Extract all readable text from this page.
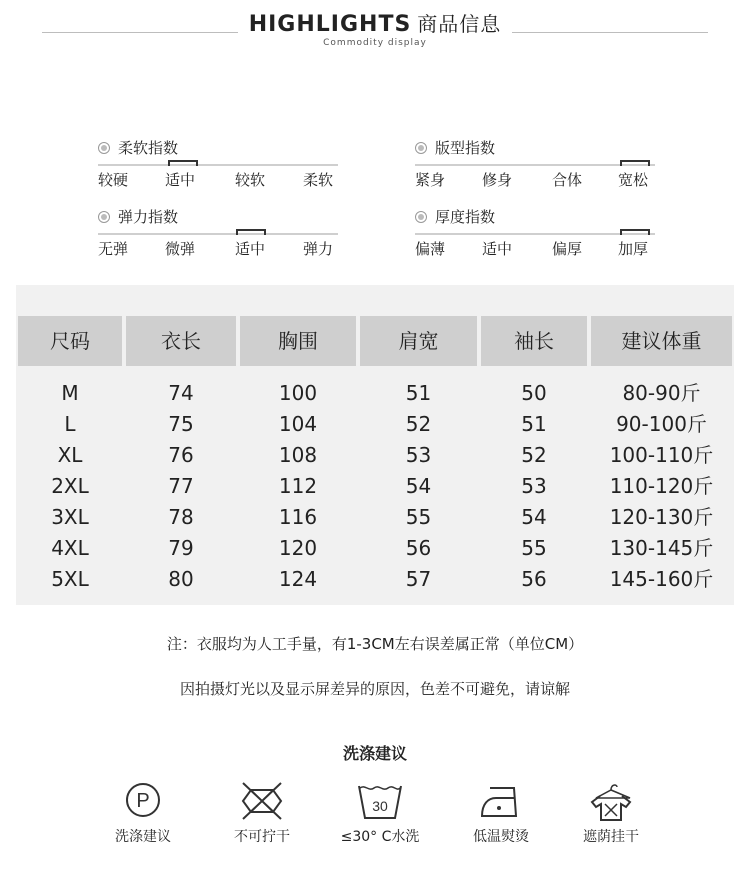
HIGHLIGHTS 商品信息
Commodity display
柔软指数
较硬 适中	较软	柔软
版型指数
紧身 修身	合体 宽松
弹力指数
无弹 微弹	适中	弹力
厚度指数
偏薄 适中	偏厚 加厚
尺码	衣长	胸围	肩宽	袖长	建议体重
M	74	100	51	50	80-90斤
L	75	104	52	51	90-100斤
XL	76	108	53	52	100-110斤
2XL	77	112	54	53	110-120斤
3XL	78	116	55	54	120-130斤
4XL	79	120	56	55	130-145斤
5XL	80	124	57	56	145-160斤
注：衣服均为人工手量，有1-3CM左右误差属正常（单位CM）
因拍摄灯光以及显示屏差异的原因，色差不可避免，请谅解
洗涤建议
P
洗涤建议	不可拧干
30
≤30° C水洗	低温熨烫	遮荫挂干
